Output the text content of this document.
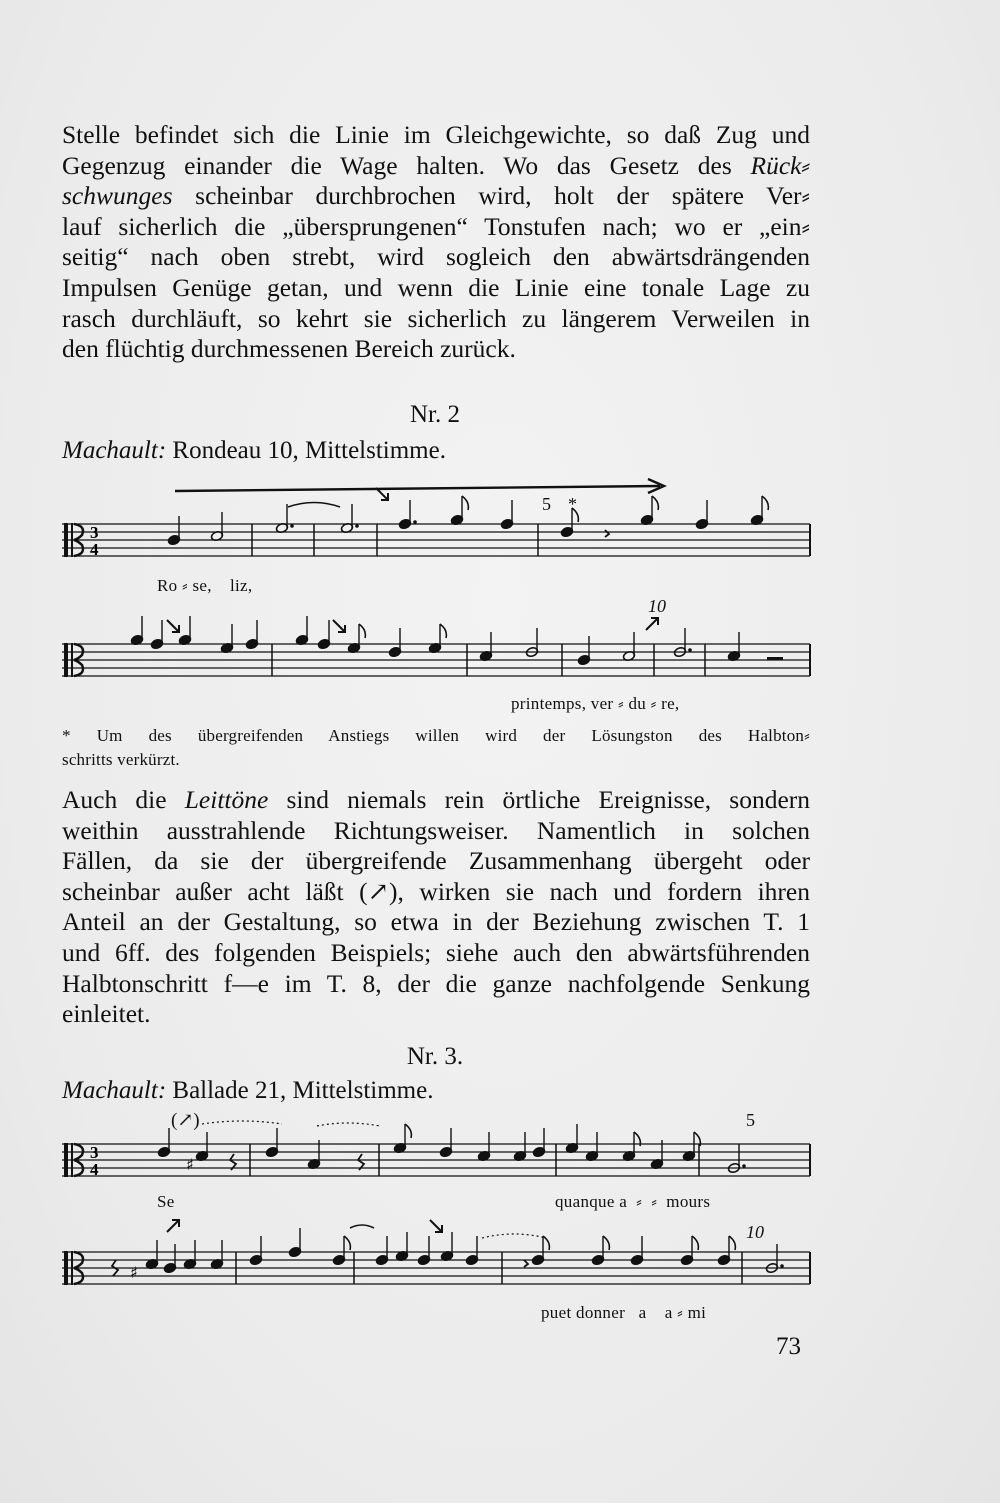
Stelle befindet sich die Linie im Gleichgewichte, so daß Zug und
Gegenzug einander die Wage halten. Wo das Gesetz des Rück⸗
schwunges scheinbar durchbrochen wird, holt der spätere Ver⸗
lauf sicherlich die „übersprungenen“ Tonstufen nach; wo er „ein⸗
seitig“ nach oben strebt, wird sogleich den abwärtsdrängenden
Impulsen Genüge getan, und wenn die Linie eine tonale Lage zu
rasch durchläuft, so kehrt sie sicherlich zu längerem Verweilen in
den flüchtig durchmessenen Bereich zurück.
Nr. 2
Machault: Rondeau 10, Mittelstimme.
5 *
3
4
Ro ⸗ se,    liz,
10
printemps, ver ⸗ du ⸗ re,
* Um des übergreifenden Anstiegs willen wird der Lösungston des Halbton⸗
schritts verkürzt.
Auch die Leittöne sind niemals rein örtliche Ereignisse, sondern
weithin ausstrahlende Richtungsweiser. Namentlich in solchen
Fällen, da sie der übergreifende Zusammenhang übergeht oder
scheinbar außer acht läßt (↗), wirken sie nach und fordern ihren
Anteil an der Gestaltung, so etwa in der Beziehung zwischen T. 1
und 6ff. des folgenden Beispiels; siehe auch den abwärtsführenden
Halbtonschritt f—e im T. 8, der die ganze nachfolgende Senkung
einleitet.
Nr. 3.
Machault: Ballade 21, Mittelstimme.
(↗)	5
3
4	♯
Se	quanque a  ⸗  ⸗  mours
10
♯
puet donner   a    a ⸗ mi
73
